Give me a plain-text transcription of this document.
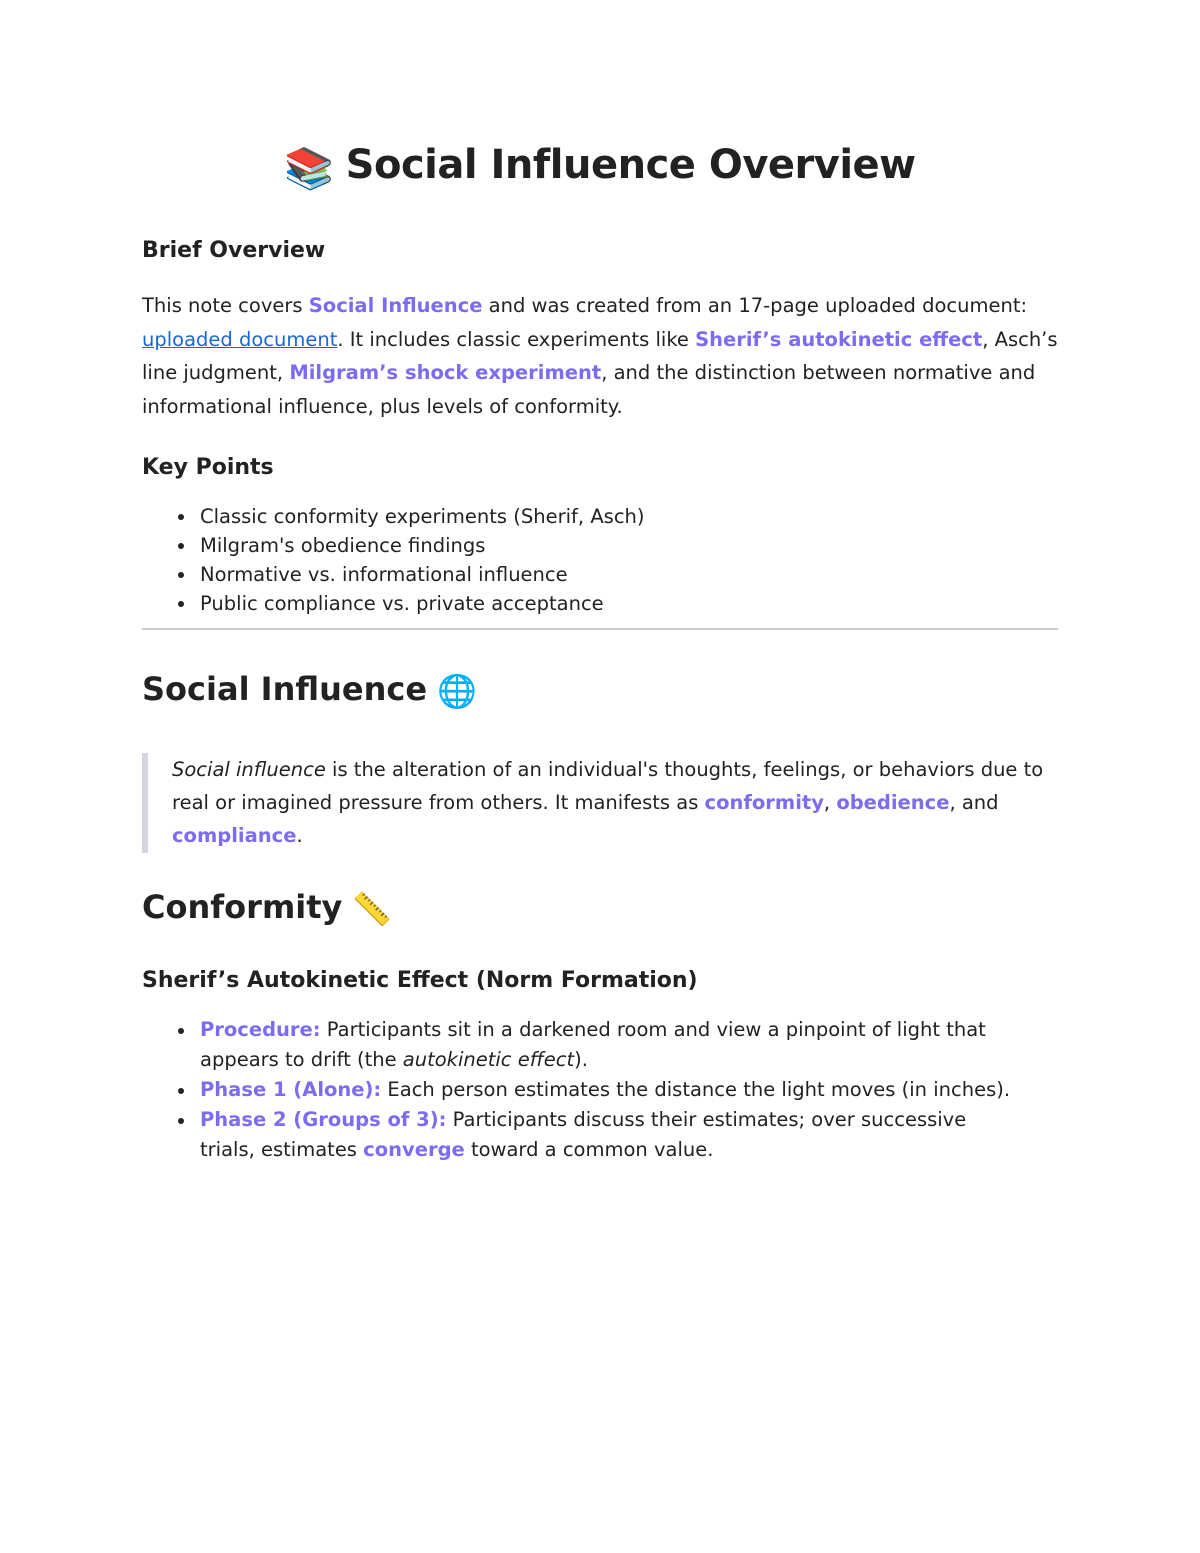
📚 Social Influence Overview
Brief Overview

This note covers Social Influence and was created from an 17-page uploaded document: uploaded document. It includes classic experiments like Sherif’s autokinetic effect, Asch’s line judgment, Milgram’s shock experiment, and the distinction between normative and informational influence, plus levels of conformity.

Key Points
Classic conformity experiments (Sherif, Asch)
Milgram's obedience findings
Normative vs. informational influence
Public compliance vs. private acceptance
Social Influence 🌐

Social influence is the alteration of an individual's thoughts, feelings, or behaviors due to real or imagined pressure from others. It manifests as conformity, obedience, and compliance.

Conformity 📏
Sherif’s Autokinetic Effect (Norm Formation)
Procedure: Participants sit in a darkened room and view a pinpoint of light that appears to drift (the autokinetic effect).
Phase 1 (Alone): Each person estimates the distance the light moves (in inches).
Phase 2 (Groups of 3): Participants discuss their estimates; over successive trials, estimates converge toward a common value.
